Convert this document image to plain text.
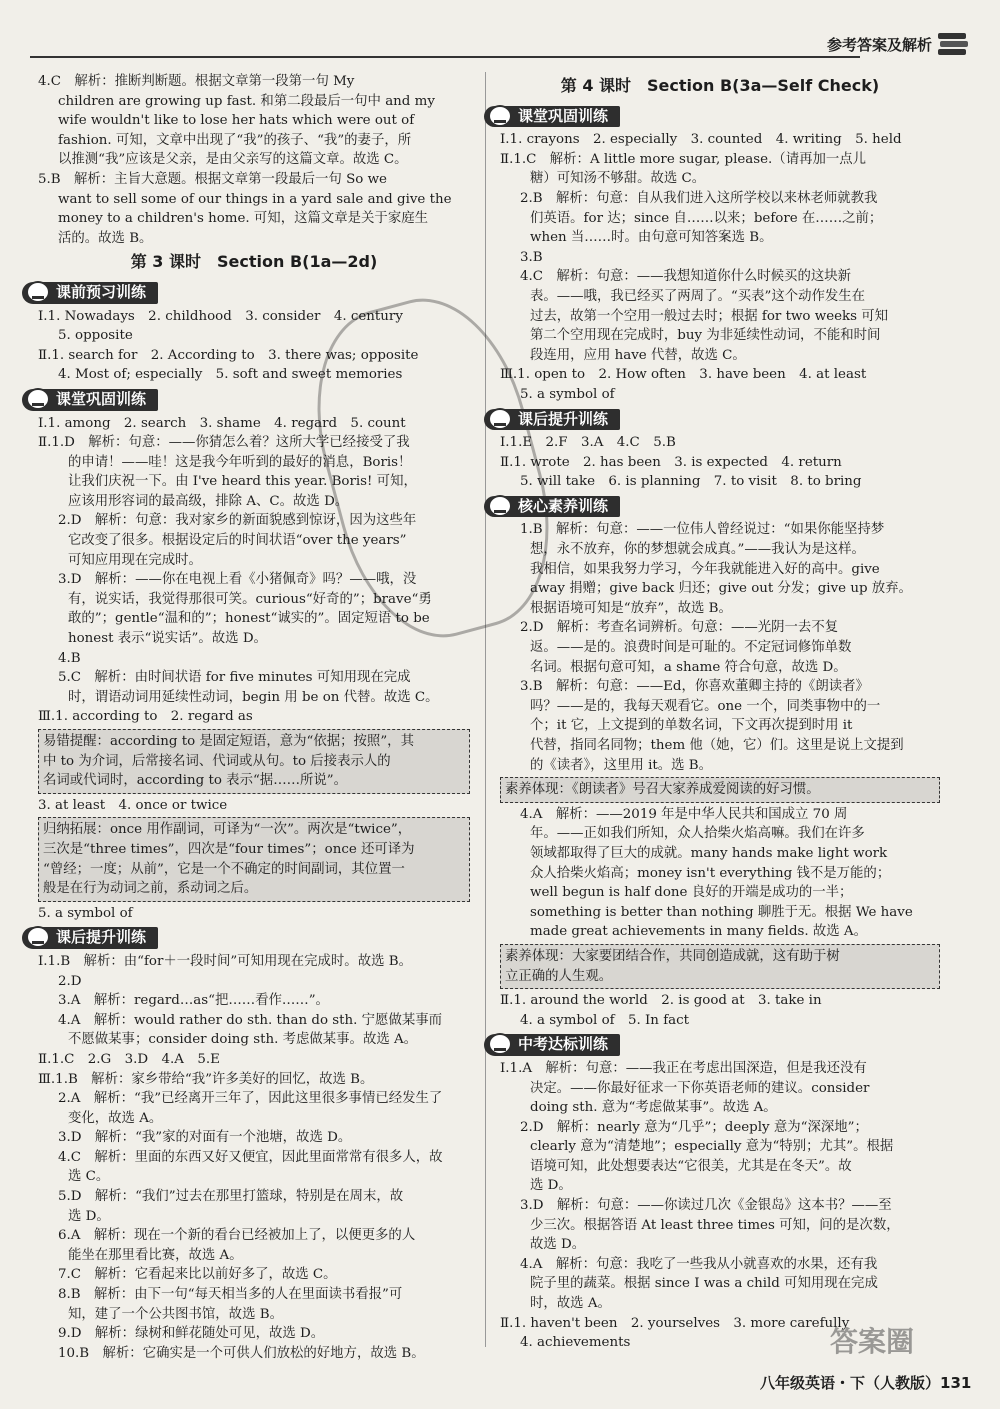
参考答案及解析
4.C　解析：推断判断题。根据文章第一段第一句 My
children are growing up fast. 和第二段最后一句中 and my
wife wouldn't like to lose her hats which were out of
fashion. 可知，文章中出现了“我”的孩子、“我”的妻子，所
以推测“我”应该是父亲，是由父亲写的这篇文章。故选 C。
5.B　解析：主旨大意题。根据文章第一段最后一句 So we
want to sell some of our things in a yard sale and give the
money to a children's home. 可知，这篇文章是关于家庭生
活的。故选 B。
第 3 课时　Section B(1a—2d)
课前预习训练
Ⅰ.1. Nowadays　2. childhood　3. consider　4. century
5. opposite
Ⅱ.1. search for　2. According to　3. there was; opposite
4. Most of; especially　5. soft and sweet memories
课堂巩固训练
Ⅰ.1. among　2. search　3. shame　4. regard　5. count
Ⅱ.1.D　解析：句意：——你猜怎么着？这所大学已经接受了我
的申请！——哇！这是我今年听到的最好的消息，Boris！
让我们庆祝一下。由 I've heard this year. Boris! 可知，
应该用形容词的最高级，排除 A、C。故选 D。
2.D　解析：句意：我对家乡的新面貌感到惊讶，因为这些年
它改变了很多。根据设定后的时间状语“over the years”
可知应用现在完成时。
3.D　解析：——你在电视上看《小猪佩奇》吗？——哦，没
有，说实话，我觉得那很可笑。curious“好奇的”；brave“勇
敢的”；gentle“温和的”；honest“诚实的”。固定短语 to be
honest 表示“说实话”。故选 D。
4.B
5.C　解析：由时间状语 for five minutes 可知用现在完成
时，谓语动词用延续性动词，begin 用 be on 代替。故选 C。
Ⅲ.1. according to　2. regard as
易错提醒：according to 是固定短语，意为“依据；按照”，其
中 to 为介词，后常接名词、代词或从句。to 后接表示人的
名词或代词时，according to 表示“据……所说”。
3. at least　4. once or twice
归纳拓展：once 用作副词，可译为“一次”。两次是“twice”，
三次是“three times”，四次是“four times”；once 还可译为
“曾经；一度；从前”，它是一个不确定的时间副词，其位置一
般是在行为动词之前，系动词之后。
5. a symbol of
课后提升训练
Ⅰ.1.B　解析：由“for＋一段时间”可知用现在完成时。故选 B。
2.D
3.A　解析：regard…as“把……看作……”。
4.A　解析：would rather do sth. than do sth. 宁愿做某事而
不愿做某事；consider doing sth. 考虑做某事。故选 A。
Ⅱ.1.C　2.G　3.D　4.A　5.E
Ⅲ.1.B　解析：家乡带给“我”许多美好的回忆，故选 B。
2.A　解析：“我”已经离开三年了，因此这里很多事情已经发生了
变化，故选 A。
3.D　解析：“我”家的对面有一个池塘，故选 D。
4.C　解析：里面的东西又好又便宜，因此里面常常有很多人，故
选 C。
5.D　解析：“我们”过去在那里打篮球，特别是在周末，故
选 D。
6.A　解析：现在一个新的看台已经被加上了，以便更多的人
能坐在那里看比赛，故选 A。
7.C　解析：它看起来比以前好多了，故选 C。
8.B　解析：由下一句“每天相当多的人在里面读书看报”可
知，建了一个公共图书馆，故选 B。
9.D　解析：绿树和鲜花随处可见，故选 D。
10.B　解析：它确实是一个可供人们放松的好地方，故选 B。
第 4 课时　Section B(3a—Self Check)
课堂巩固训练
Ⅰ.1. crayons　2. especially　3. counted　4. writing　5. held
Ⅱ.1.C　解析：A little more sugar, please.（请再加一点儿
糖）可知汤不够甜。故选 C。
2.B　解析：句意：自从我们进入这所学校以来林老师就教我
们英语。for 达；since 自……以来；before 在……之前；
when 当……时。由句意可知答案选 B。
3.B
4.C　解析：句意：——我想知道你什么时候买的这块新
表。——哦，我已经买了两周了。“买表”这个动作发生在
过去，故第一个空用一般过去时；根据 for two weeks 可知
第二个空用现在完成时，buy 为非延续性动词，不能和时间
段连用，应用 have 代替，故选 C。
Ⅲ.1. open to　2. How often　3. have been　4. at least
5. a symbol of
课后提升训练
Ⅰ.1.E　2.F　3.A　4.C　5.B
Ⅱ.1. wrote　2. has been　3. is expected　4. return
5. will take　6. is planning　7. to visit　8. to bring
核心素养训练
1.B　解析：句意：——一位伟人曾经说过：“如果你能坚持梦
想，永不放弃，你的梦想就会成真。”——我认为是这样。
我相信，如果我努力学习，今年我就能进入好的高中。give
away 捐赠；give back 归还；give out 分发；give up 放弃。
根据语境可知是“放弃”，故选 B。
2.D　解析：考查名词辨析。句意：——光阴一去不复
返。——是的。浪费时间是可耻的。不定冠词修饰单数
名词。根据句意可知，a shame 符合句意，故选 D。
3.B　解析：句意：——Ed，你喜欢董卿主持的《朗读者》
吗？——是的，我每天观看它。one 一个，同类事物中的一
个；it 它，上文提到的单数名词，下文再次提到时用 it
代替，指同名同物；them 他（她，它）们。这里是说上文提到
的《读者》，这里用 it。选 B。
素养体现：《朗读者》号召大家养成爱阅读的好习惯。
4.A　解析：——2019 年是中华人民共和国成立 70 周
年。——正如我们所知，众人拾柴火焰高嘛。我们在许多
领域都取得了巨大的成就。many hands make light work
众人拾柴火焰高；money isn't everything 钱不是万能的；
well begun is half done 良好的开端是成功的一半；
something is better than nothing 聊胜于无。根据 We have
made great achievements in many fields. 故选 A。
素养体现：大家要团结合作，共同创造成就，这有助于树
立正确的人生观。
Ⅱ.1. around the world　2. is good at　3. take in
4. a symbol of　5. In fact
中考达标训练
Ⅰ.1.A　解析：句意：——我正在考虑出国深造，但是我还没有
决定。——你最好征求一下你英语老师的建议。consider
doing sth. 意为“考虑做某事”。故选 A。
2.D　解析：nearly 意为“几乎”；deeply 意为“深深地”；
clearly 意为“清楚地”；especially 意为“特别；尤其”。根据
语境可知，此处想要表达“它很美，尤其是在冬天”。故
选 D。
3.D　解析：句意：——你读过几次《金银岛》这本书？——至
少三次。根据答语 At least three times 可知，问的是次数，
故选 D。
4.A　解析：句意：我吃了一些我从小就喜欢的水果，还有我
院子里的蔬菜。根据 since I was a child 可知用现在完成
时，故选 A。
Ⅱ.1. haven't been　2. yourselves　3. more carefully
4. achievements
八年级英语・下（人教版）131
答案圈
